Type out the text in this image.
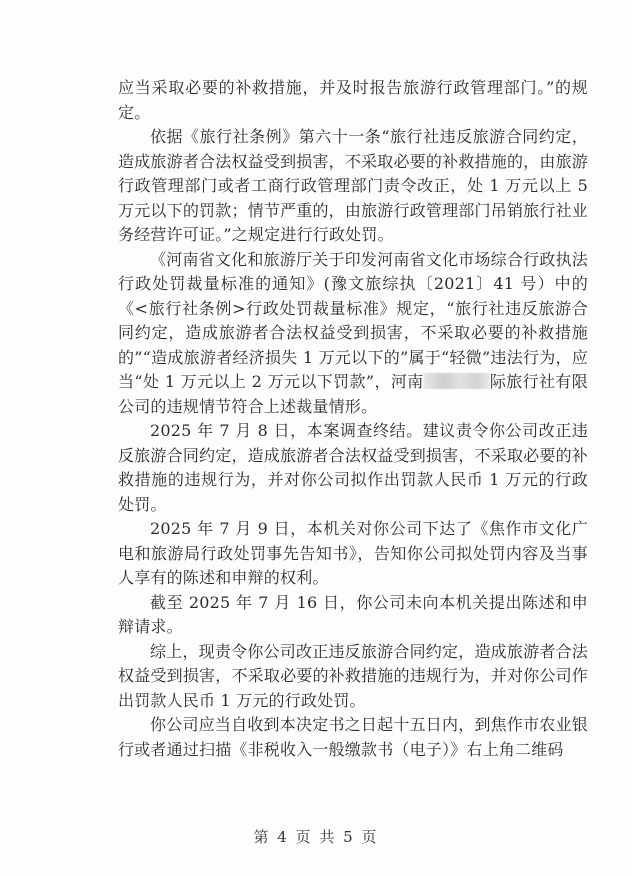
应当采取必要的补救措施，并及时报告旅游行政管理部门。”的规定。

依据《旅行社条例》第六十一条“旅行社违反旅游合同约定，造成旅游者合法权益受到损害，不采取必要的补救措施的，由旅游行政管理部门或者工商行政管理部门责令改正，处 1 万元以上 5 万元以下的罚款；情节严重的，由旅游行政管理部门吊销旅行社业务经营许可证。”之规定进行行政处罚。

《河南省文化和旅游厅关于印发河南省文化市场综合行政执法行政处罚裁量标准的通知》(豫文旅综执〔2021〕41 号）中的《<旅行社条例>行政处罚裁量标准》规定，“旅行社违反旅游合同约定，造成旅游者合法权益受到损害，不采取必要的补救措施的”“造成旅游者经济损失 1 万元以下的”属于“轻微”违法行为，应当“处 1 万元以上 2 万元以下罚款”，河南	际旅行社有限公司的违规情节符合上述裁量情形。

2025 年 7 月 8 日，本案调查终结。建议责令你公司改正违反旅游合同约定，造成旅游者合法权益受到损害，不采取必要的补救措施的违规行为，并对你公司拟作出罚款人民币 1 万元的行政处罚。

2025 年 7 月 9 日，本机关对你公司下达了《焦作市文化广电和旅游局行政处罚事先告知书》，告知你公司拟处罚内容及当事人享有的陈述和申辩的权利。

截至 2025 年 7 月 16 日，你公司未向本机关提出陈述和申辩请求。

综上，现责令你公司改正违反旅游合同约定，造成旅游者合法权益受到损害，不采取必要的补救措施的违规行为，并对你公司作出罚款人民币 1 万元的行政处罚。

你公司应当自收到本决定书之日起十五日内，到焦作市农业银行或者通过扫描《非税收入一般缴款书（电子）》右上角二维码

第 4 页 共 5 页
